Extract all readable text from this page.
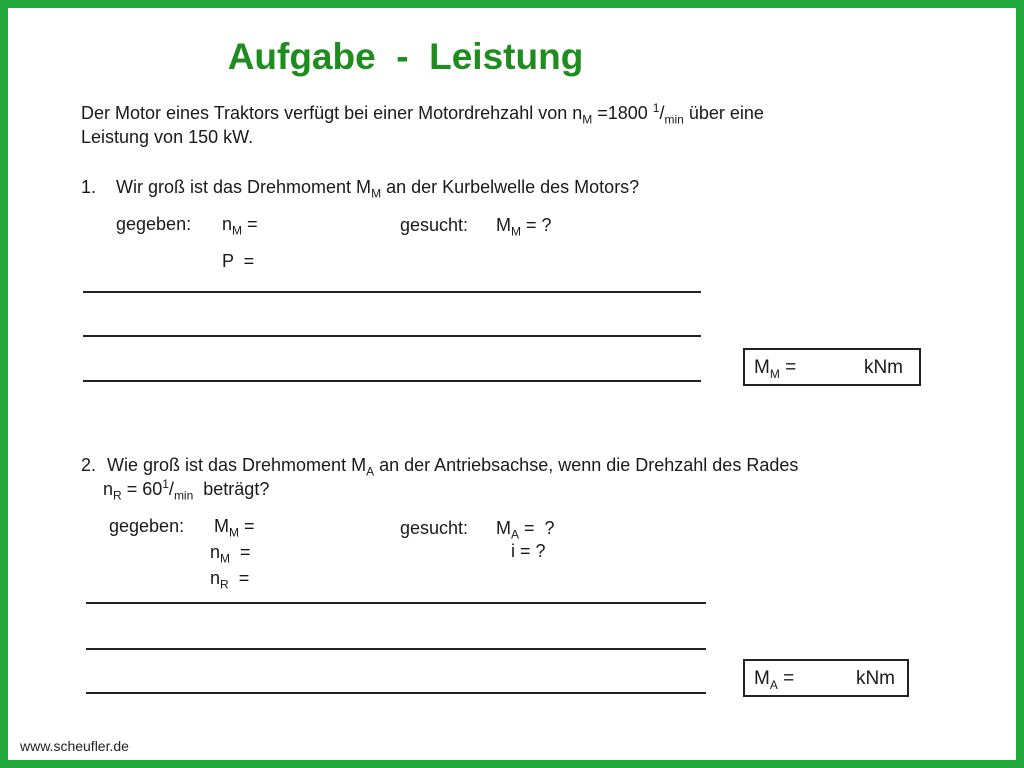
Aufgabe  -  Leistung
Der Motor eines Traktors verfügt bei einer Motordrehzahl von $n_M =1800$ $^1/_{min}$ über eine
Leistung von 150 kW.
1. Wir groß ist das Drehmoment $M_M$ an der Kurbelwelle des Motors?
gegeben: $n_M$ =
P  =
gesucht: $M_M$ = ?
$M_M$ =	kNm
2. Wie groß ist das Drehmoment $M_A$ an der Antriebsachse, wenn die Drehzahl des Rades
$n_R = 60^1/_{min}$  beträgt?
gegeben: $M_M$ =
$n_M$  =
$n_R$  =
gesucht: $M_A$ =  ?
i = ?
$M_A$ =	kNm
www.scheufler.de
